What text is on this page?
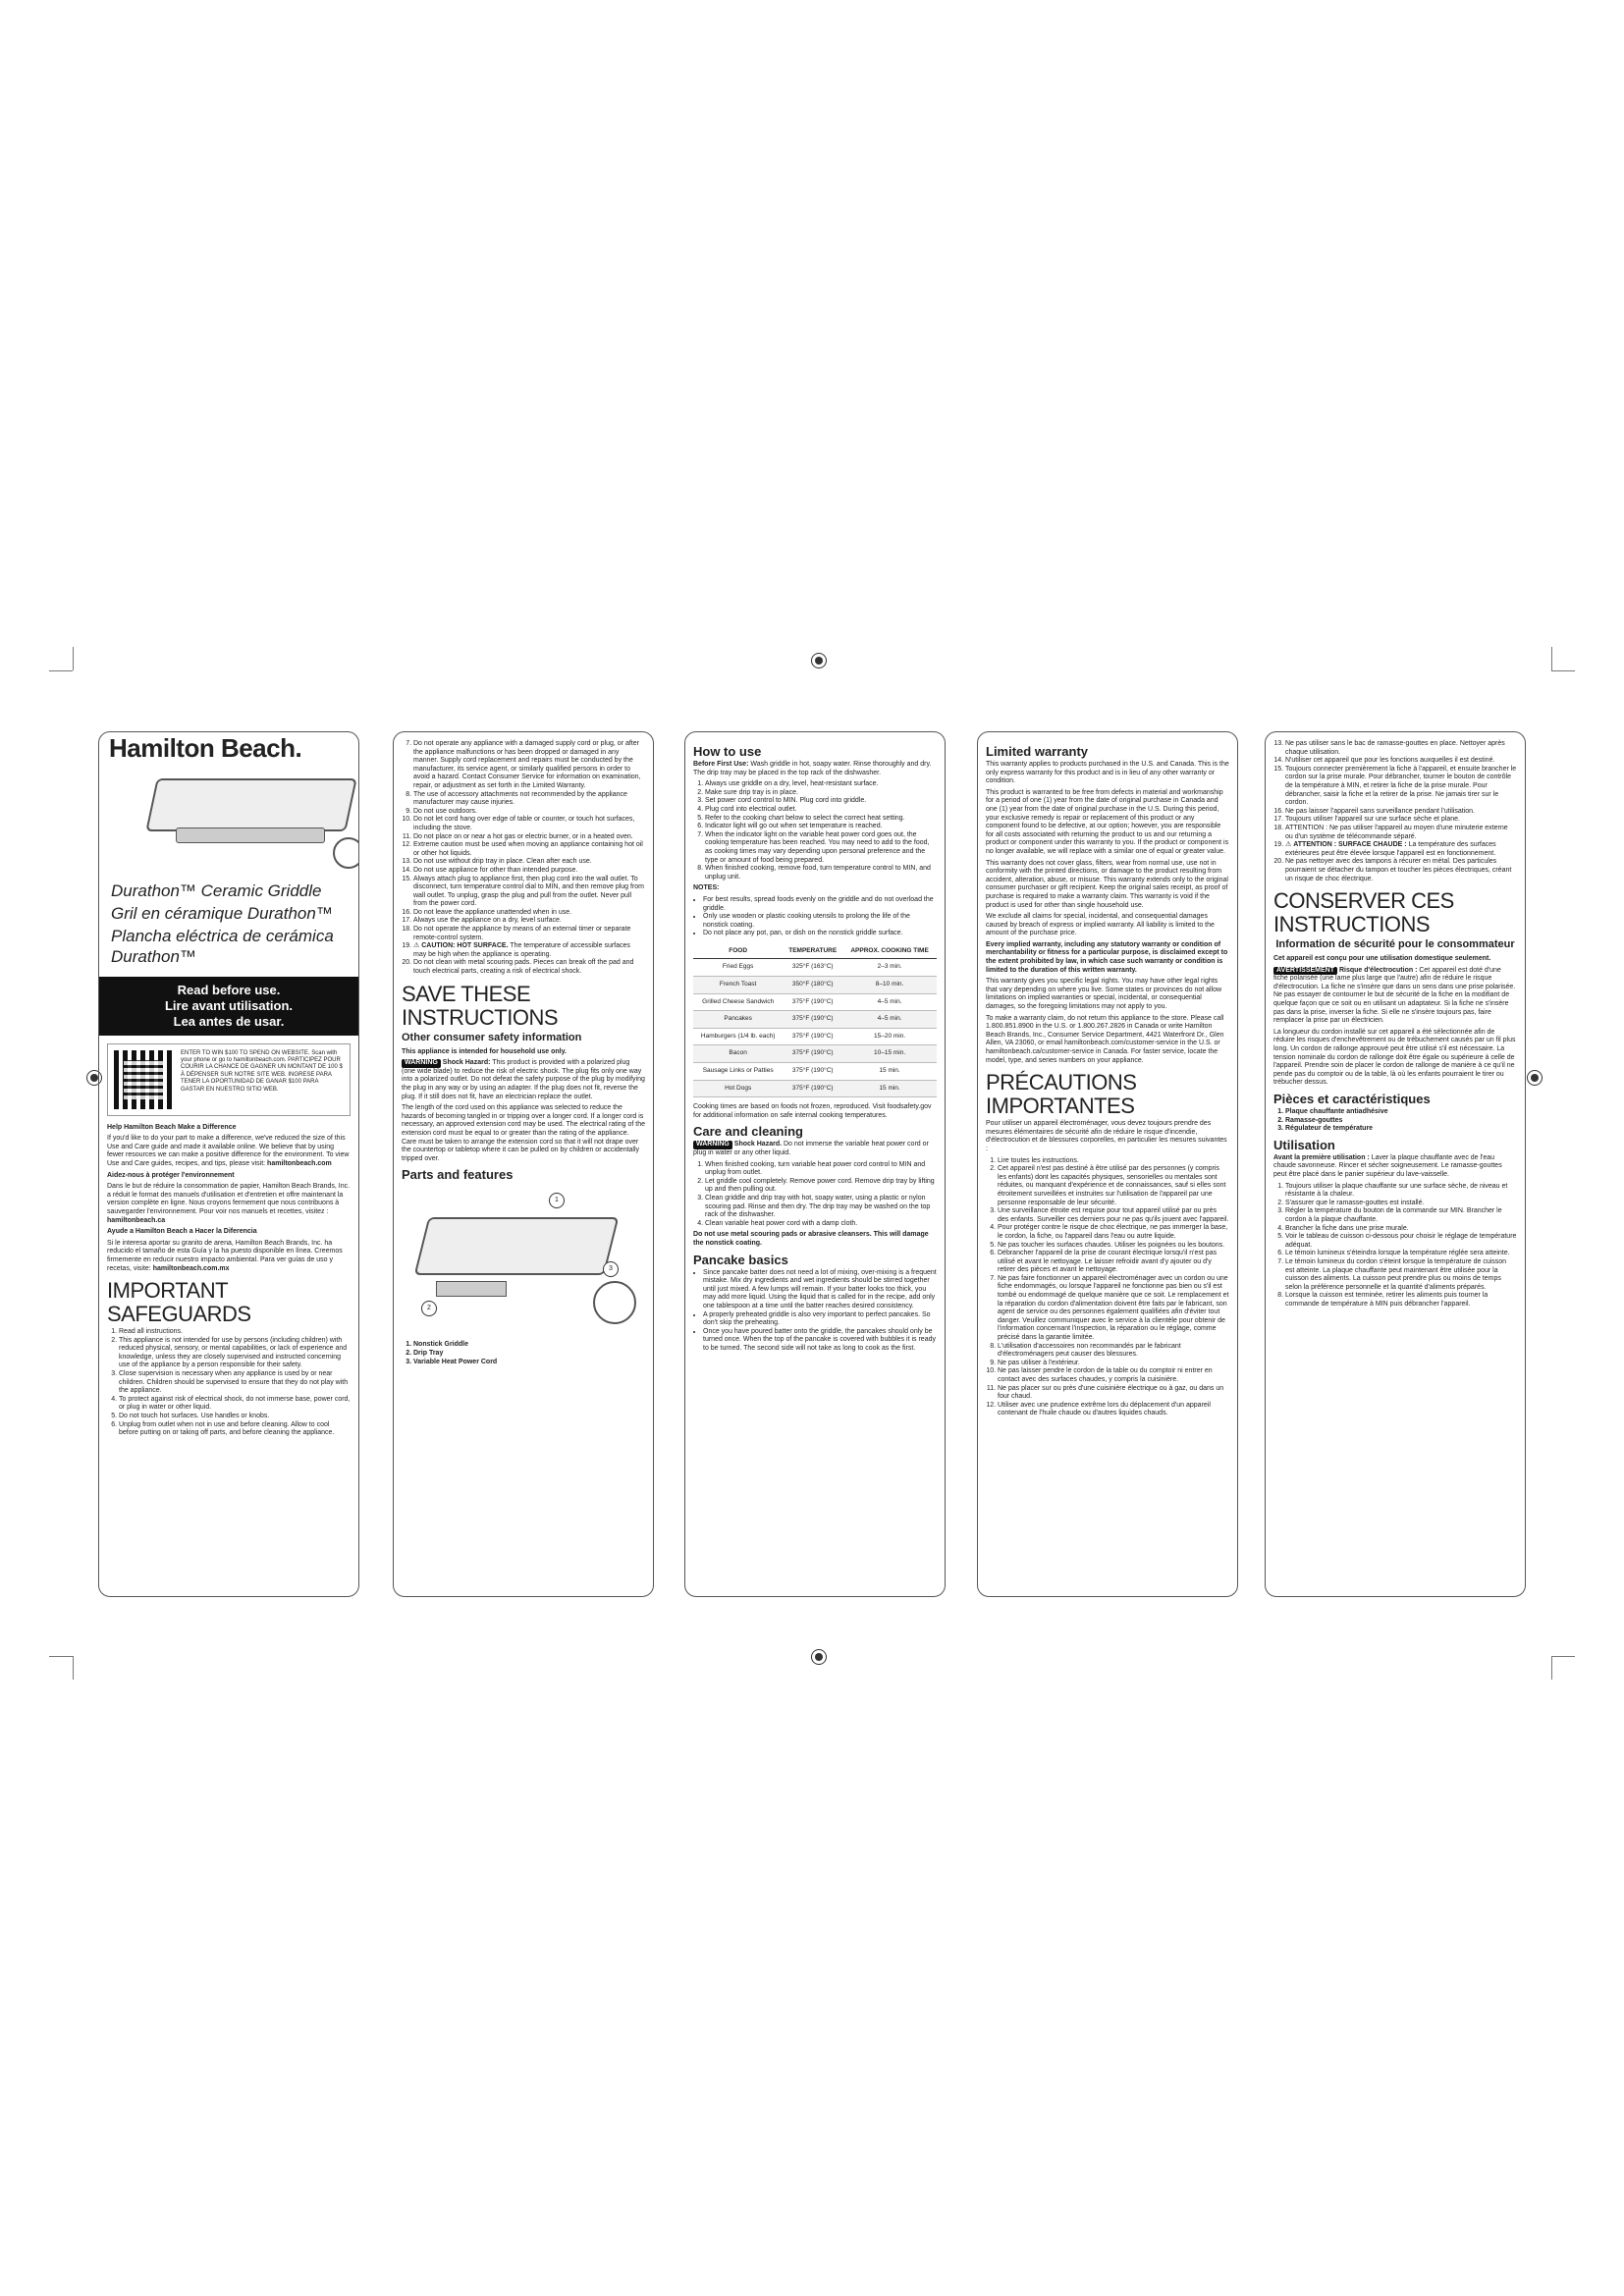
Hamilton Beach.
Durathon™ Ceramic Griddle
Gril en céramique Durathon™
Plancha eléctrica de cerámica Durathon™
Read before use.
Lire avant utilisation.
Lea antes de usar.
ENTER TO WIN $100 TO SPEND ON WEBSITE. Scan with your phone or go to hamiltonbeach.com. PARTICIPEZ POUR COURIR LA CHANCE DE GAGNER UN MONTANT DE 100 $ À DÉPENSER SUR NOTRE SITE WEB. INGRESE PARA TENER LA OPORTUNIDAD DE GANAR $100 PARA GASTAR EN NUESTRO SITIO WEB.

Help Hamilton Beach Make a Difference

If you'd like to do your part to make a difference, we've reduced the size of this Use and Care guide and made it available online. We believe that by using fewer resources we can make a positive difference for the environment. To view Use and Care guides, recipes, and tips, please visit: hamiltonbeach.com

Aidez-nous à protéger l'environnement

Dans le but de réduire la consommation de papier, Hamilton Beach Brands, Inc. a réduit le format des manuels d'utilisation et d'entretien et offre maintenant la version complète en ligne. Nous croyons fermement que nous contribuons à sauvegarder l'environnement. Pour voir nos manuels et recettes, visitez : hamiltonbeach.ca

Ayude a Hamilton Beach a Hacer la Diferencia

Si le interesa aportar su granito de arena, Hamilton Beach Brands, Inc. ha reducido el tamaño de esta Guía y la ha puesto disponible en línea. Creemos firmemente en reducir nuestro impacto ambiental. Para ver guías de uso y recetas, visite: hamiltonbeach.com.mx

IMPORTANT SAFEGUARDS
1. Read all instructions.
2. This appliance is not intended for use by persons (including children) with reduced physical, sensory, or mental capabilities, or lack of experience and knowledge, unless they are closely supervised and instructed concerning use of the appliance by a person responsible for their safety.
3. Close supervision is necessary when any appliance is used by or near children. Children should be supervised to ensure that they do not play with the appliance.
4. To protect against risk of electrical shock, do not immerse base, power cord, or plug in water or other liquid.
5. Do not touch hot surfaces. Use handles or knobs.
6. Unplug from outlet when not in use and before cleaning. Allow to cool before putting on or taking off parts, and before cleaning the appliance.
7. Do not operate any appliance with a damaged supply cord or plug, or after the appliance malfunctions or has been dropped or damaged in any manner. Supply cord replacement and repairs must be conducted by the manufacturer, its service agent, or similarly qualified persons in order to avoid a hazard. Contact Consumer Service for information on examination, repair, or adjustment as set forth in the Limited Warranty.
8. The use of accessory attachments not recommended by the appliance manufacturer may cause injuries.
9. Do not use outdoors.
10. Do not let cord hang over edge of table or counter, or touch hot surfaces, including the stove.
11. Do not place on or near a hot gas or electric burner, or in a heated oven.
12. Extreme caution must be used when moving an appliance containing hot oil or other hot liquids.
13. Do not use without drip tray in place. Clean after each use.
14. Do not use appliance for other than intended purpose.
15. Always attach plug to appliance first, then plug cord into the wall outlet. To disconnect, turn temperature control dial to MIN, and then remove plug from wall outlet. To unplug, grasp the plug and pull from the outlet. Never pull from the power cord.
16. Do not leave the appliance unattended when in use.
17. Always use the appliance on a dry, level surface.
18. Do not operate the appliance by means of an external timer or separate remote-control system.
19. ⚠ CAUTION: HOT SURFACE. The temperature of accessible surfaces may be high when the appliance is operating.
20. Do not clean with metal scouring pads. Pieces can break off the pad and touch electrical parts, creating a risk of electrical shock.
SAVE THESE INSTRUCTIONS
Other consumer safety information

This appliance is intended for household use only.

WARNING Shock Hazard: This product is provided with a polarized plug (one wide blade) to reduce the risk of electric shock. The plug fits only one way into a polarized outlet. Do not defeat the safety purpose of the plug by modifying the plug in any way or by using an adapter. If the plug does not fit, reverse the plug. If it still does not fit, have an electrician replace the outlet.

The length of the cord used on this appliance was selected to reduce the hazards of becoming tangled in or tripping over a longer cord. If a longer cord is necessary, an approved extension cord may be used. The electrical rating of the extension cord must be equal to or greater than the rating of the appliance. Care must be taken to arrange the extension cord so that it will not drape over the countertop or tabletop where it can be pulled on by children or accidentally tripped over.

Parts and features
1
2
3
1. Nonstick Griddle
2. Drip Tray
3. Variable Heat Power Cord
How to use

Before First Use: Wash griddle in hot, soapy water. Rinse thoroughly and dry. The drip tray may be placed in the top rack of the dishwasher.

1. Always use griddle on a dry, level, heat-resistant surface.
2. Make sure drip tray is in place.
3. Set power cord control to MIN. Plug cord into griddle.
4. Plug cord into electrical outlet.
5. Refer to the cooking chart below to select the correct heat setting.
6. Indicator light will go out when set temperature is reached.
7. When the indicator light on the variable heat power cord goes out, the cooking temperature has been reached. You may need to add to the food, as cooking times may vary depending upon personal preference and the type or amount of food being prepared.
8. When finished cooking, remove food, turn temperature control to MIN, and unplug unit.

NOTES:

• For best results, spread foods evenly on the griddle and do not overload the griddle.
• Only use wooden or plastic cooking utensils to prolong the life of the nonstick coating.
• Do not place any pot, pan, or dish on the nonstick griddle surface.
FOOD	TEMPERATURE	APPROX. COOKING TIME
Fried Eggs	325°F (163°C)	2–3 min.
French Toast	350°F (180°C)	8–10 min.
Grilled Cheese Sandwich	375°F (190°C)	4–5 min.
Pancakes	375°F (190°C)	4–5 min.
Hamburgers (1/4 lb. each)	375°F (190°C)	15–20 min.
Bacon	375°F (190°C)	10–15 min.
Sausage Links or Patties	375°F (190°C)	15 min.
Hot Dogs	375°F (190°C)	15 min.

Cooking times are based on foods not frozen, reproduced. Visit foodsafety.gov for additional information on safe internal cooking temperatures.

Care and cleaning

WARNING Shock Hazard. Do not immerse the variable heat power cord or plug in water or any other liquid.

1. When finished cooking, turn variable heat power cord control to MIN and unplug from outlet.
2. Let griddle cool completely. Remove power cord. Remove drip tray by lifting up and then pulling out.
3. Clean griddle and drip tray with hot, soapy water, using a plastic or nylon scouring pad. Rinse and then dry. The drip tray may be washed on the top rack of the dishwasher.
4. Clean variable heat power cord with a damp cloth.

Do not use metal scouring pads or abrasive cleansers. This will damage the nonstick coating.

Pancake basics
• Since pancake batter does not need a lot of mixing, over-mixing is a frequent mistake. Mix dry ingredients and wet ingredients should be stirred together until just mixed. A few lumps will remain. If your batter looks too thick, you may add more liquid. Using the liquid that is called for in the recipe, add only one tablespoon at a time until the batter reaches desired consistency.
• A properly preheated griddle is also very important to perfect pancakes. So don't skip the preheating.
• Once you have poured batter onto the griddle, the pancakes should only be turned once. When the top of the pancake is covered with bubbles it is ready to be turned. The second side will not take as long to cook as the first.
Limited warranty

This warranty applies to products purchased in the U.S. and Canada. This is the only express warranty for this product and is in lieu of any other warranty or condition.

This product is warranted to be free from defects in material and workmanship for a period of one (1) year from the date of original purchase in Canada and one (1) year from the date of original purchase in the U.S. During this period, your exclusive remedy is repair or replacement of this product or any component found to be defective, at our option; however, you are responsible for all costs associated with returning the product to us and our returning a product or component under this warranty to you. If the product or component is no longer available, we will replace with a similar one of equal or greater value.

This warranty does not cover glass, filters, wear from normal use, use not in conformity with the printed directions, or damage to the product resulting from accident, alteration, abuse, or misuse. This warranty extends only to the original consumer purchaser or gift recipient. Keep the original sales receipt, as proof of purchase is required to make a warranty claim. This warranty is void if the product is used for other than single household use.

We exclude all claims for special, incidental, and consequential damages caused by breach of express or implied warranty. All liability is limited to the amount of the purchase price.

Every implied warranty, including any statutory warranty or condition of merchantability or fitness for a particular purpose, is disclaimed except to the extent prohibited by law, in which case such warranty or condition is limited to the duration of this written warranty.

This warranty gives you specific legal rights. You may have other legal rights that vary depending on where you live. Some states or provinces do not allow limitations on implied warranties or special, incidental, or consequential damages, so the foregoing limitations may not apply to you.

To make a warranty claim, do not return this appliance to the store. Please call 1.800.851.8900 in the U.S. or 1.800.267.2826 in Canada or write Hamilton Beach Brands, Inc., Consumer Service Department, 4421 Waterfront Dr., Glen Allen, VA 23060, or email hamiltonbeach.com/customer-service in the U.S. or hamiltonbeach.ca/customer-service in Canada. For faster service, locate the model, type, and series numbers on your appliance.

PRÉCAUTIONS IMPORTANTES

Pour utiliser un appareil électroménager, vous devez toujours prendre des mesures élémentaires de sécurité afin de réduire le risque d'incendie, d'électrocution et de blessures corporelles, en particulier les mesures suivantes :

1. Lire toutes les instructions.
2. Cet appareil n'est pas destiné à être utilisé par des personnes (y compris les enfants) dont les capacités physiques, sensorielles ou mentales sont réduites, ou manquant d'expérience et de connaissances, sauf si elles sont étroitement surveillées et instruites sur l'utilisation de l'appareil par une personne responsable de leur sécurité.
3. Une surveillance étroite est requise pour tout appareil utilisé par ou près des enfants. Surveiller ces derniers pour ne pas qu'ils jouent avec l'appareil.
4. Pour protéger contre le risque de choc électrique, ne pas immerger la base, le cordon, la fiche, ou l'appareil dans l'eau ou autre liquide.
5. Ne pas toucher les surfaces chaudes. Utiliser les poignées ou les boutons.
6. Débrancher l'appareil de la prise de courant électrique lorsqu'il n'est pas utilisé et avant le nettoyage. Le laisser refroidir avant d'y ajouter ou d'y retirer des pièces et avant le nettoyage.
7. Ne pas faire fonctionner un appareil électroménager avec un cordon ou une fiche endommagés, ou lorsque l'appareil ne fonctionne pas bien ou s'il est tombé ou endommagé de quelque manière que ce soit. Le remplacement et la réparation du cordon d'alimentation doivent être faits par le fabricant, son agent de service ou des personnes également qualifiées afin d'éviter tout danger. Veuillez communiquer avec le service à la clientèle pour obtenir de l'information concernant l'inspection, la réparation ou le réglage, comme précisé dans la garantie limitée.
8. L'utilisation d'accessoires non recommandés par le fabricant d'électroménagers peut causer des blessures.
9. Ne pas utiliser à l'extérieur.
10. Ne pas laisser pendre le cordon de la table ou du comptoir ni entrer en contact avec des surfaces chaudes, y compris la cuisinière.
11. Ne pas placer sur ou près d'une cuisinière électrique ou à gaz, ou dans un four chaud.
12. Utiliser avec une prudence extrême lors du déplacement d'un appareil contenant de l'huile chaude ou d'autres liquides chauds.
13. Ne pas utiliser sans le bac de ramasse-gouttes en place. Nettoyer après chaque utilisation.
14. N'utiliser cet appareil que pour les fonctions auxquelles il est destiné.
15. Toujours connecter premièrement la fiche à l'appareil, et ensuite brancher le cordon sur la prise murale. Pour débrancher, tourner le bouton de contrôle de la température à MIN, et retirer la fiche de la prise murale. Pour débrancher, saisir la fiche et la retirer de la prise. Ne jamais tirer sur le cordon.
16. Ne pas laisser l'appareil sans surveillance pendant l'utilisation.
17. Toujours utiliser l'appareil sur une surface sèche et plane.
18. ATTENTION : Ne pas utiliser l'appareil au moyen d'une minuterie externe ou d'un système de télécommande séparé.
19. ⚠ ATTENTION : SURFACE CHAUDE : La température des surfaces extérieures peut être élevée lorsque l'appareil est en fonctionnement.
20. Ne pas nettoyer avec des tampons à récurer en métal. Des particules pourraient se détacher du tampon et toucher les pièces électriques, créant un risque de choc électrique.
CONSERVER CES INSTRUCTIONS
Information de sécurité pour le consommateur

Cet appareil est conçu pour une utilisation domestique seulement.

AVERTISSEMENT Risque d'électrocution : Cet appareil est doté d'une fiche polarisée (une lame plus large que l'autre) afin de réduire le risque d'électrocution. La fiche ne s'insère que dans un sens dans une prise polarisée. Ne pas essayer de contourner le but de sécurité de la fiche en la modifiant de quelque façon que ce soit ou en utilisant un adaptateur. Si la fiche ne s'insère pas dans la prise, inverser la fiche. Si elle ne s'insère toujours pas, faire remplacer la prise par un électricien.

La longueur du cordon installé sur cet appareil a été sélectionnée afin de réduire les risques d'enchevêtrement ou de trébuchement causés par un fil plus long. Un cordon de rallonge approuvé peut être utilisé s'il est nécessaire. La tension nominale du cordon de rallonge doit être égale ou supérieure à celle de l'appareil. Prendre soin de placer le cordon de rallonge de manière à ce qu'il ne pende pas du comptoir ou de la table, là où les enfants pourraient le tirer ou trébucher dessus.

Pièces et caractéristiques
1. Plaque chauffante antiadhésive
2. Ramasse-gouttes
3. Régulateur de température
Utilisation

Avant la première utilisation : Laver la plaque chauffante avec de l'eau chaude savonneuse. Rincer et sécher soigneusement. Le ramasse-gouttes peut être placé dans le panier supérieur du lave-vaisselle.

1. Toujours utiliser la plaque chauffante sur une surface sèche, de niveau et résistante à la chaleur.
2. S'assurer que le ramasse-gouttes est installé.
3. Régler la température du bouton de la commande sur MIN. Brancher le cordon à la plaque chauffante.
4. Brancher la fiche dans une prise murale.
5. Voir le tableau de cuisson ci-dessous pour choisir le réglage de température adéquat.
6. Le témoin lumineux s'éteindra lorsque la température réglée sera atteinte.
7. Le témoin lumineux du cordon s'éteint lorsque la température de cuisson est atteinte. La plaque chauffante peut maintenant être utilisée pour la cuisson des aliments. La cuisson peut prendre plus ou moins de temps selon la préférence personnelle et la quantité d'aliments préparés.
8. Lorsque la cuisson est terminée, retirer les aliments puis tourner la commande de température à MIN puis débrancher l'appareil.
